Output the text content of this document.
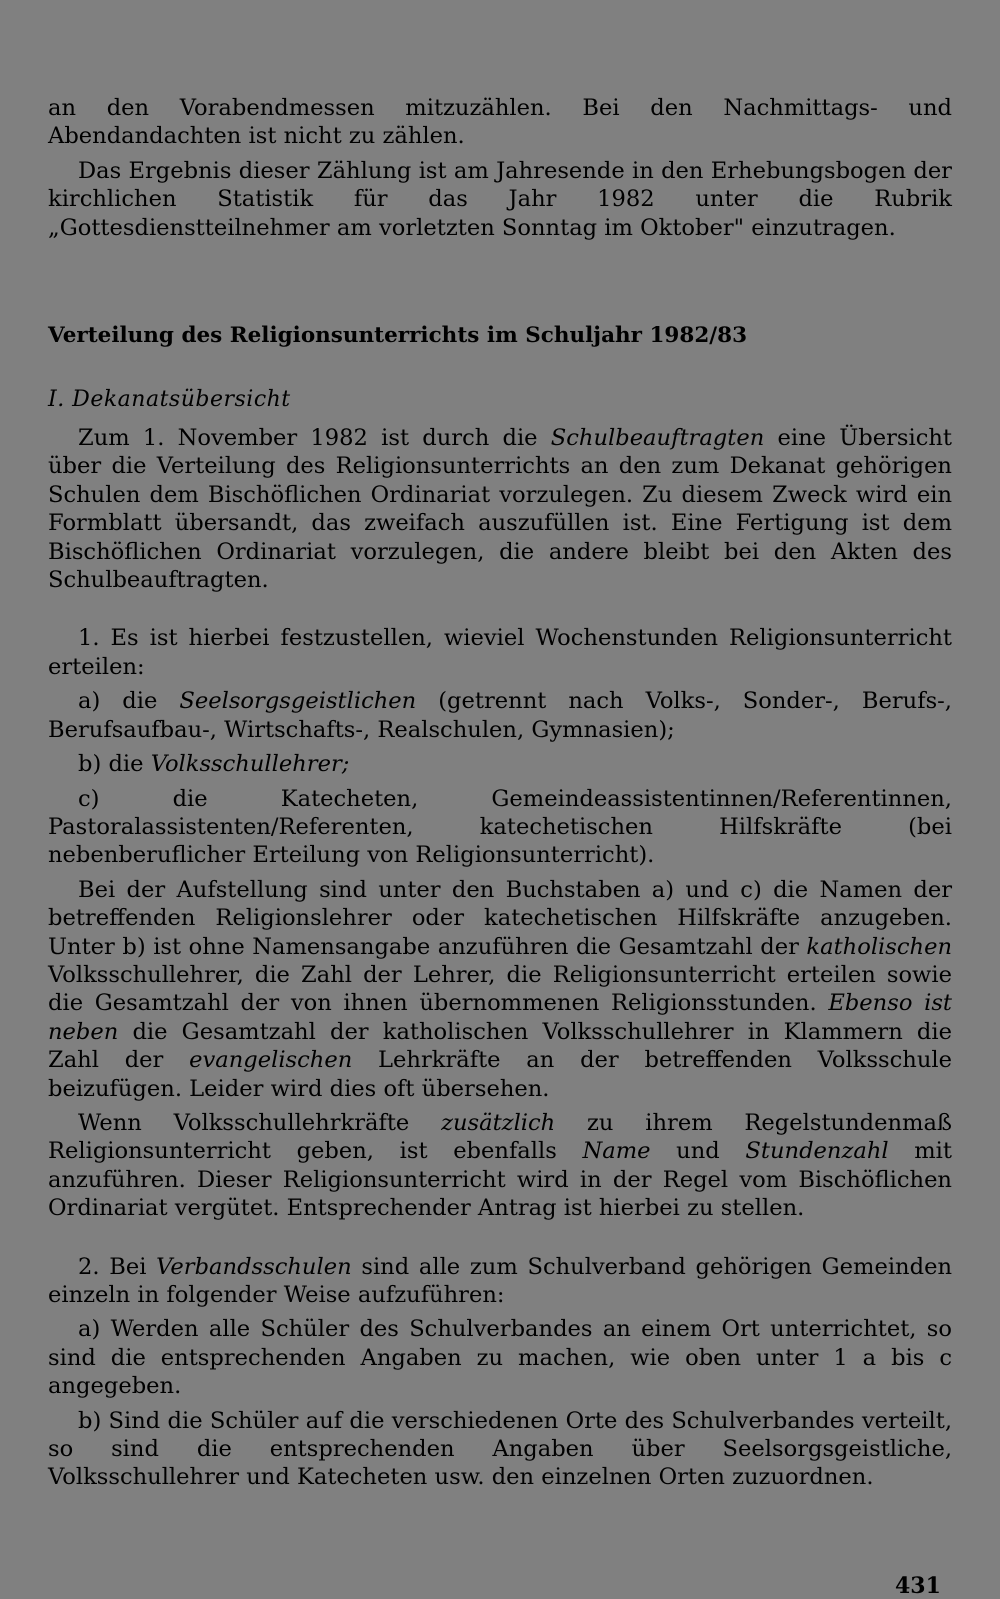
an den Vorabendmessen mitzuzählen. Bei den Nachmittags- und Abendandachten ist nicht zu zählen.

Das Ergebnis dieser Zählung ist am Jahresende in den Erhebungsbogen der kirchlichen Statistik für das Jahr 1982 unter die Rubrik „Gottesdienstteilnehmer am vorletzten Sonntag im Oktober" einzutragen.

Verteilung des Religionsunterrichts im Schuljahr 1982/83
I. Dekanatsübersicht

Zum 1. November 1982 ist durch die Schulbeauftragten eine Übersicht über die Verteilung des Religionsunterrichts an den zum Dekanat gehörigen Schulen dem Bischöflichen Ordinariat vorzulegen. Zu diesem Zweck wird ein Formblatt übersandt, das zweifach auszufüllen ist. Eine Fertigung ist dem Bischöflichen Ordinariat vorzulegen, die andere bleibt bei den Akten des Schulbeauftragten.

1. Es ist hierbei festzustellen, wieviel Wochenstunden Religionsunterricht erteilen:

a) die Seelsorgsgeistlichen (getrennt nach Volks-, Sonder-, Berufs-, Berufsaufbau-, Wirtschafts-, Realschulen, Gymnasien);

b) die Volksschullehrer;

c) die Katecheten, Gemeindeassistentinnen/Referentinnen, Pastoralassistenten/Referenten, katechetischen Hilfskräfte (bei nebenberuflicher Erteilung von Religionsunterricht).

Bei der Aufstellung sind unter den Buchstaben a) und c) die Namen der betreffenden Religionslehrer oder katechetischen Hilfskräfte anzugeben. Unter b) ist ohne Namensangabe anzuführen die Gesamtzahl der katholischen Volksschullehrer, die Zahl der Lehrer, die Religionsunterricht erteilen sowie die Gesamtzahl der von ihnen übernommenen Religionsstunden. Ebenso ist neben die Gesamtzahl der katholischen Volksschullehrer in Klammern die Zahl der evangelischen Lehrkräfte an der betreffenden Volksschule beizufügen. Leider wird dies oft übersehen.

Wenn Volksschullehrkräfte zusätzlich zu ihrem Regelstundenmaß Religionsunterricht geben, ist ebenfalls Name und Stundenzahl mit anzuführen. Dieser Religionsunterricht wird in der Regel vom Bischöflichen Ordinariat vergütet. Entsprechender Antrag ist hierbei zu stellen.

2. Bei Verbandsschulen sind alle zum Schulverband gehörigen Gemeinden einzeln in folgender Weise aufzuführen:

a) Werden alle Schüler des Schulverbandes an einem Ort unterrichtet, so sind die entsprechenden Angaben zu machen, wie oben unter 1 a bis c angegeben.

b) Sind die Schüler auf die verschiedenen Orte des Schulverbandes verteilt, so sind die entsprechenden Angaben über Seelsorgsgeistliche, Volksschullehrer und Katecheten usw. den einzelnen Orten zuzuordnen.

431
